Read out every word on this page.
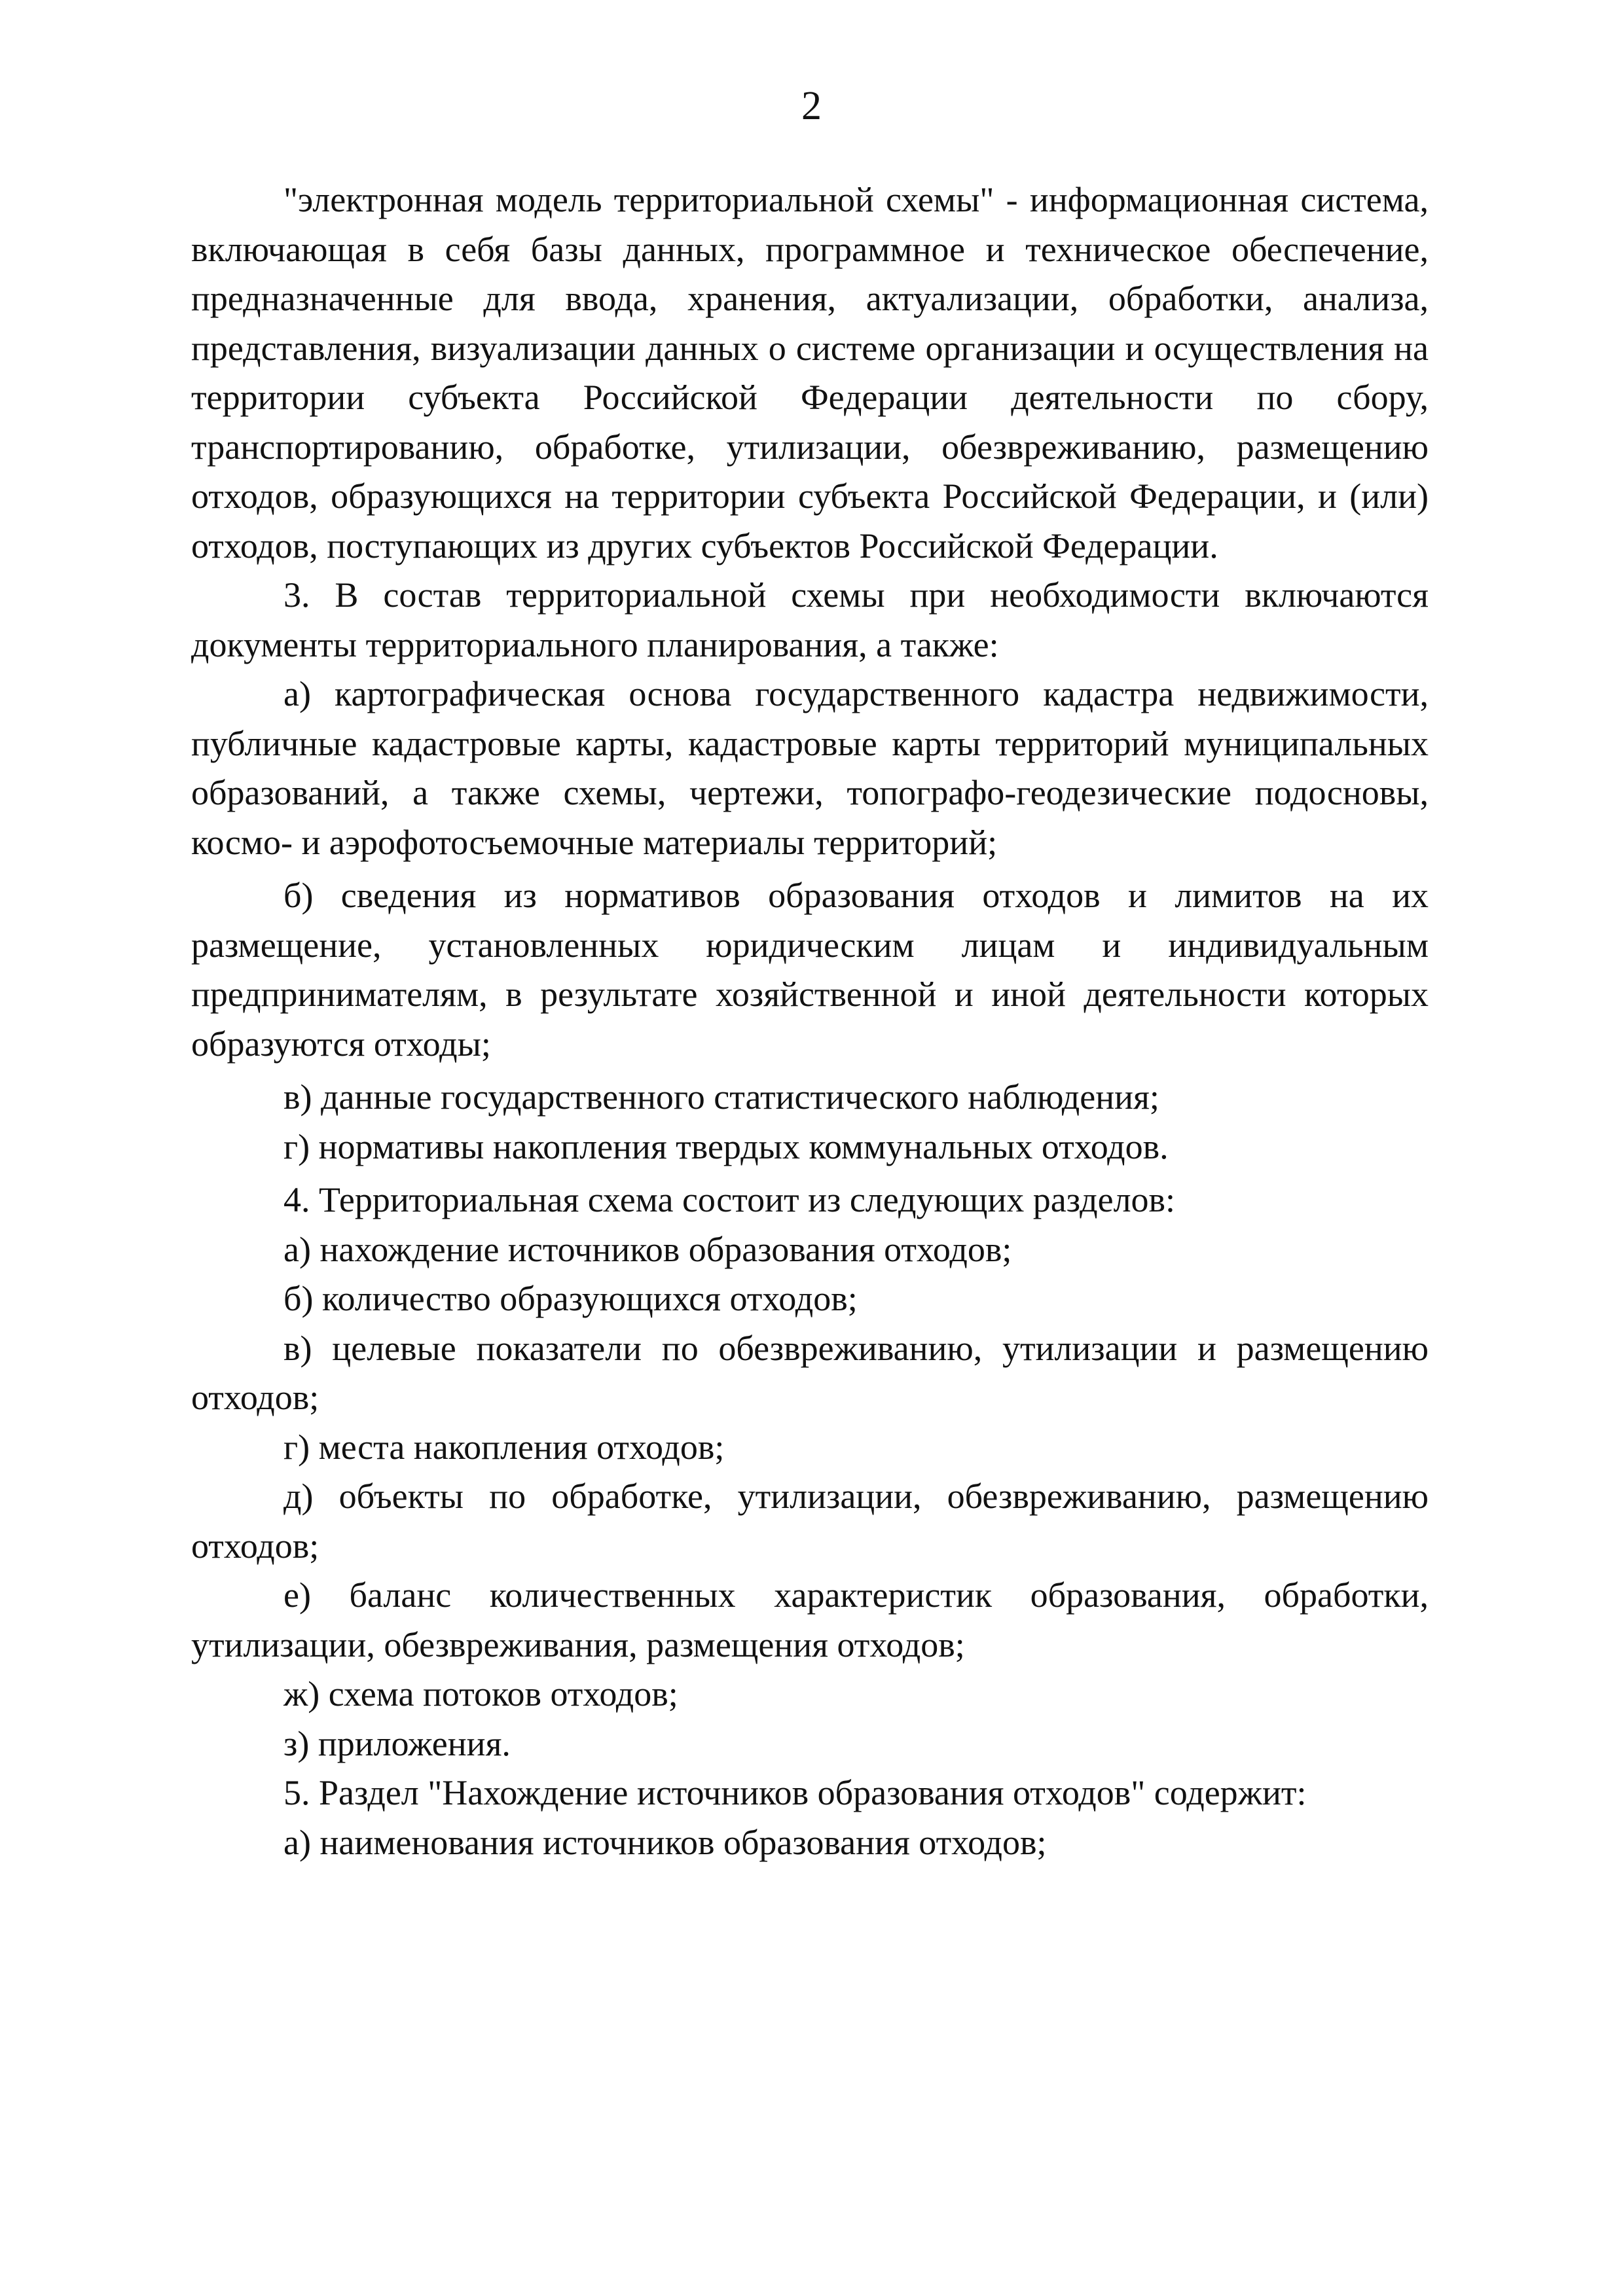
2

"электронная модель территориальной схемы" - информационная система, включающая в себя базы данных, программное и техническое обеспечение, предназначенные для ввода, хранения, актуализации, обработки, анализа, представления, визуализации данных о системе организации и осуществления на территории субъекта Российской Федерации деятельности по сбору, транспортированию, обработке, утилизации, обезвреживанию, размещению отходов, образующихся на территории субъекта Российской Федерации, и (или) отходов, поступающих из других субъектов Российской Федерации.

3. В состав территориальной схемы при необходимости включаются документы территориального планирования, а также:

а) картографическая основа государственного кадастра недвижимости, публичные кадастровые карты, кадастровые карты территорий муниципальных образований, а также схемы, чертежи, топографо-геодезические подосновы, космо- и аэрофотосъемочные материалы территорий;

б) сведения из нормативов образования отходов и лимитов на их размещение, установленных юридическим лицам и индивидуальным предпринимателям, в результате хозяйственной и иной деятельности которых образуются отходы;

в) данные государственного статистического наблюдения;

г) нормативы накопления твердых коммунальных отходов.

4. Территориальная схема состоит из следующих разделов:

а) нахождение источников образования отходов;

б) количество образующихся отходов;

в) целевые показатели по обезвреживанию, утилизации и размещению отходов;

г) места накопления отходов;

д) объекты по обработке, утилизации, обезвреживанию, размещению отходов;

е) баланс количественных характеристик образования, обработки, утилизации, обезвреживания, размещения отходов;

ж) схема потоков отходов;

з) приложения.

5. Раздел "Нахождение источников образования отходов" содержит:

а) наименования источников образования отходов;
